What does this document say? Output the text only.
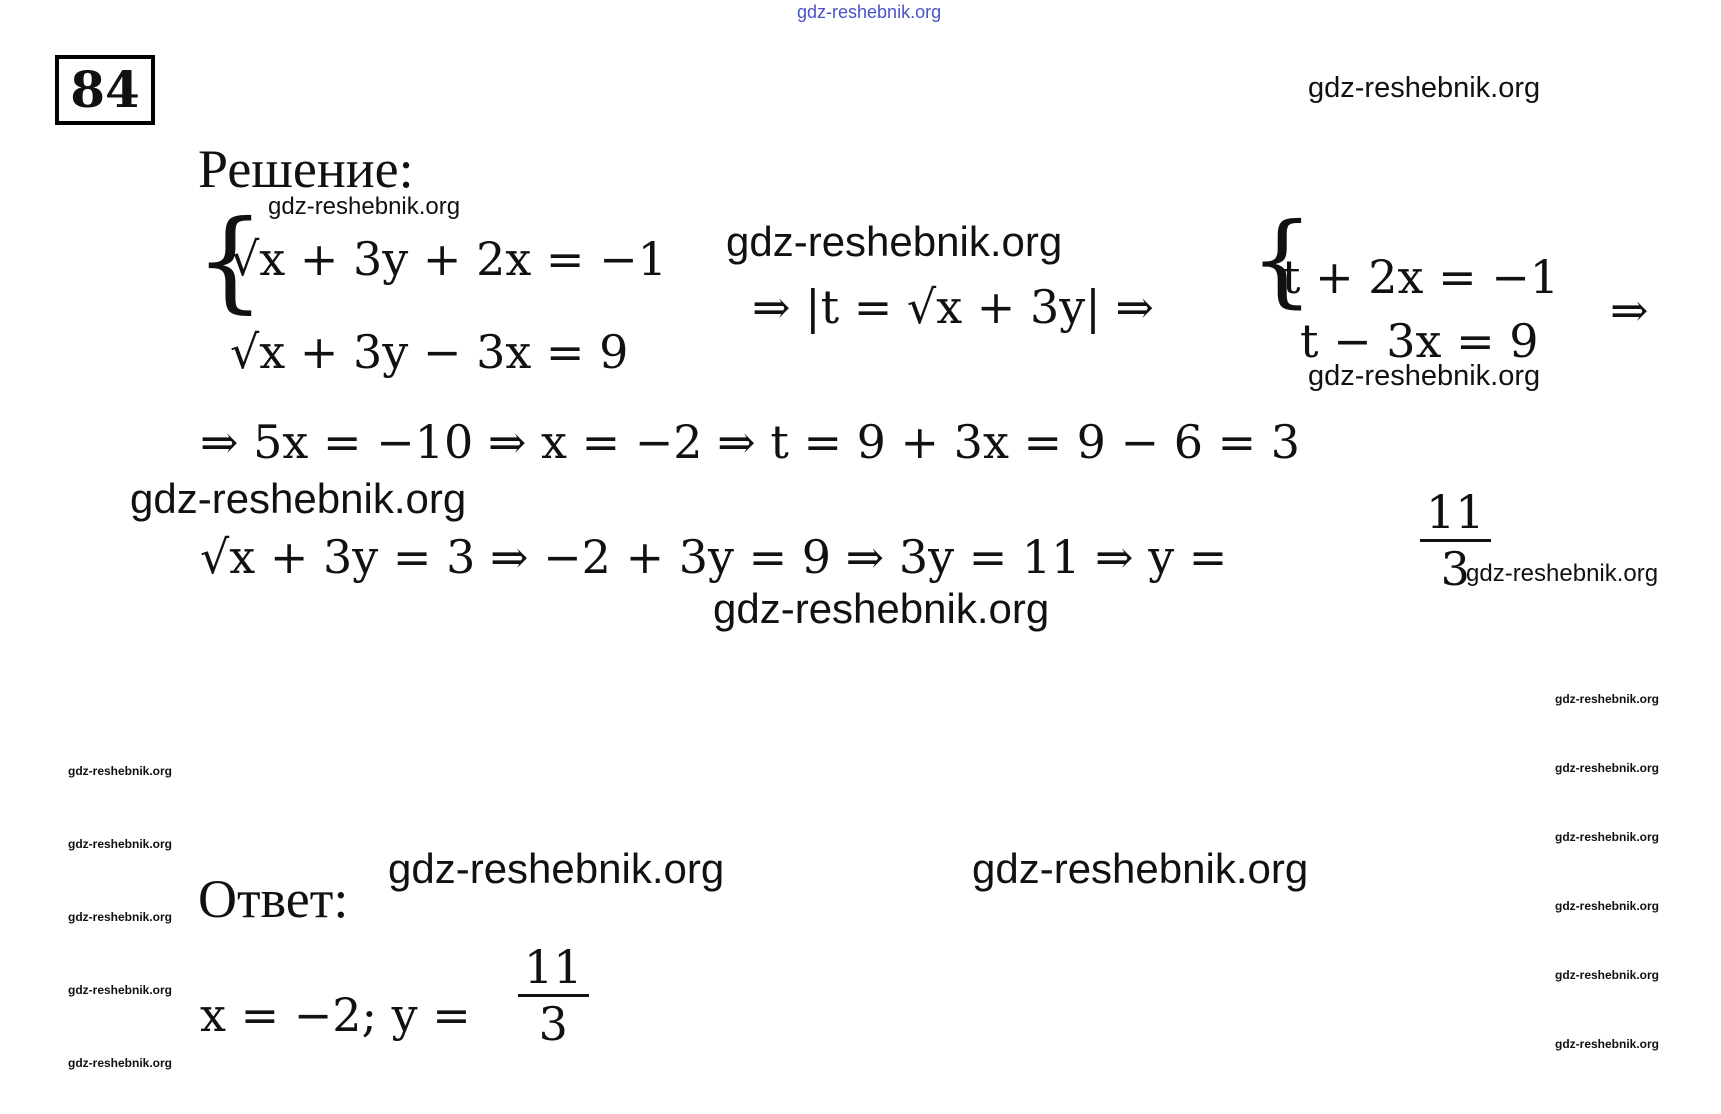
gdz-reshebnik.org
84	gdz-reshebnik.org
Решение:
gdz-reshebnik.org
gdz-reshebnik.org
{
√x + 3y + 2x = −1
√x + 3y − 3x = 9
⇒ |t = √x + 3y| ⇒ {
t + 2x = −1
t − 3x = 9
⇒
gdz-reshebnik.org
⇒ 5x = −10 ⇒ x = −2 ⇒ t = 9 + 3x = 9 − 6 = 3
gdz-reshebnik.org
√x + 3y = 3 ⇒ −2 + 3y = 9 ⇒ 3y = 11 ⇒ y =	$\frac{11}{3}$
gdz-reshebnik.org
gdz-reshebnik.org
gdz-reshebnik.org
gdz-reshebnik.org
gdz-reshebnik.org
gdz-reshebnik.org
gdz-reshebnik.org
gdz-reshebnik.org
gdz-reshebnik.org
gdz-reshebnik.org
gdz-reshebnik.org
gdz-reshebnik.org
gdz-reshebnik.org
Ответ:
gdz-reshebnik.org	gdz-reshebnik.org
x = −2; $y = \frac{11}{3}$
